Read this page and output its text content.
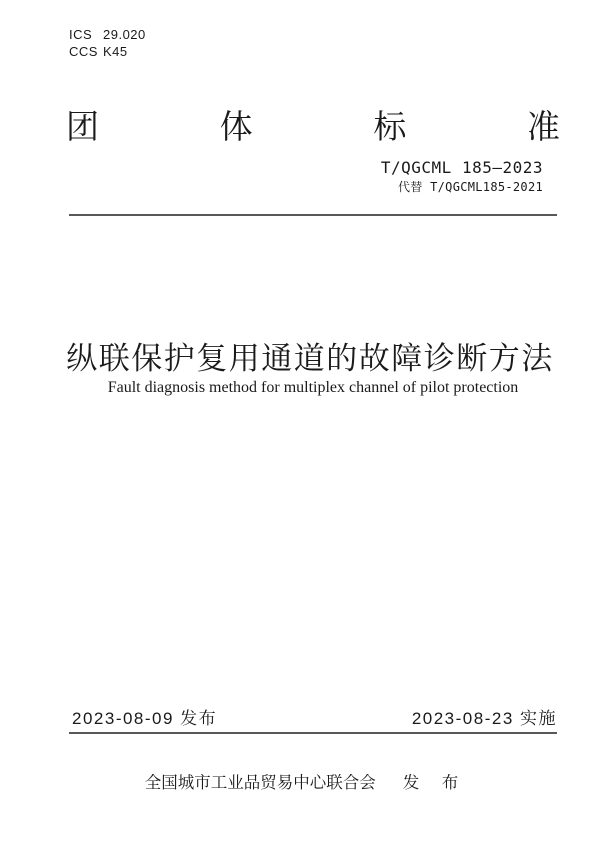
ICS 29.020
CCS K45
团	体	标	准
T/QGCML 185—2023
代替 T/QGCML185-2021
纵联保护复用通道的故障诊断方法
Fault diagnosis method for multiplex channel of pilot protection
2023-08-09 发布	2023-08-23 实施
全国城市工业品贸易中心联合会 发 布
